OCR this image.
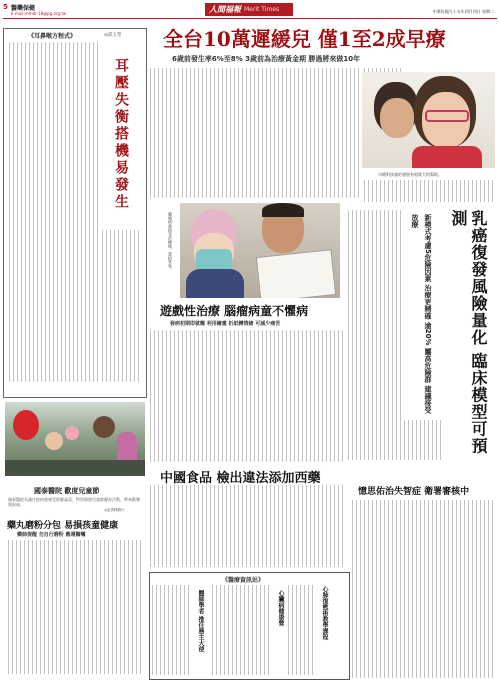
5 醫藥保健
E-mail:mmdr-18@pg.org.tw	人間福報 Merit Times	中華民國九十五年四月四日 星期二
《耳鼻喉方程式》	◎邱玉瑩
耳壓失衡搭機易發生
國泰醫院 歡度兒童節
國泰醫院為讓住院病童感受節慶氣氛，特別舉辦兒童節慶祝活動，帶來歡樂與祝福。
◎記者林照片
藥丸磨粉分包 易損孩童健康
藥師提醒 勿自行磨粉 應遵醫囑
全台10萬遲緩兒 僅1至2成早療
6歲前發生率6%至8% 3歲前為治療黃金期 勝過將來做10年
早療對孩童的發展有相當大的幫助。
腦瘤病童接受治療後，重拾笑容。
遊戲性治療 腦瘤病童不懼病
發病初期即就醫 利用繪畫 折紙轉情緒 可減少痛苦	乳癌復發風險量化 臨床模型可預測
新模式考慮5危險因素 治療更精確 逾20% 屬高危險群 建議接受放療
中國食品 檢出違法添加西藥
憶思佑治失智症 衛署審核中
《醫療資訊站》
醫師學者 推任務主大使	心臟病健康營	心肺復甦術教學課程
